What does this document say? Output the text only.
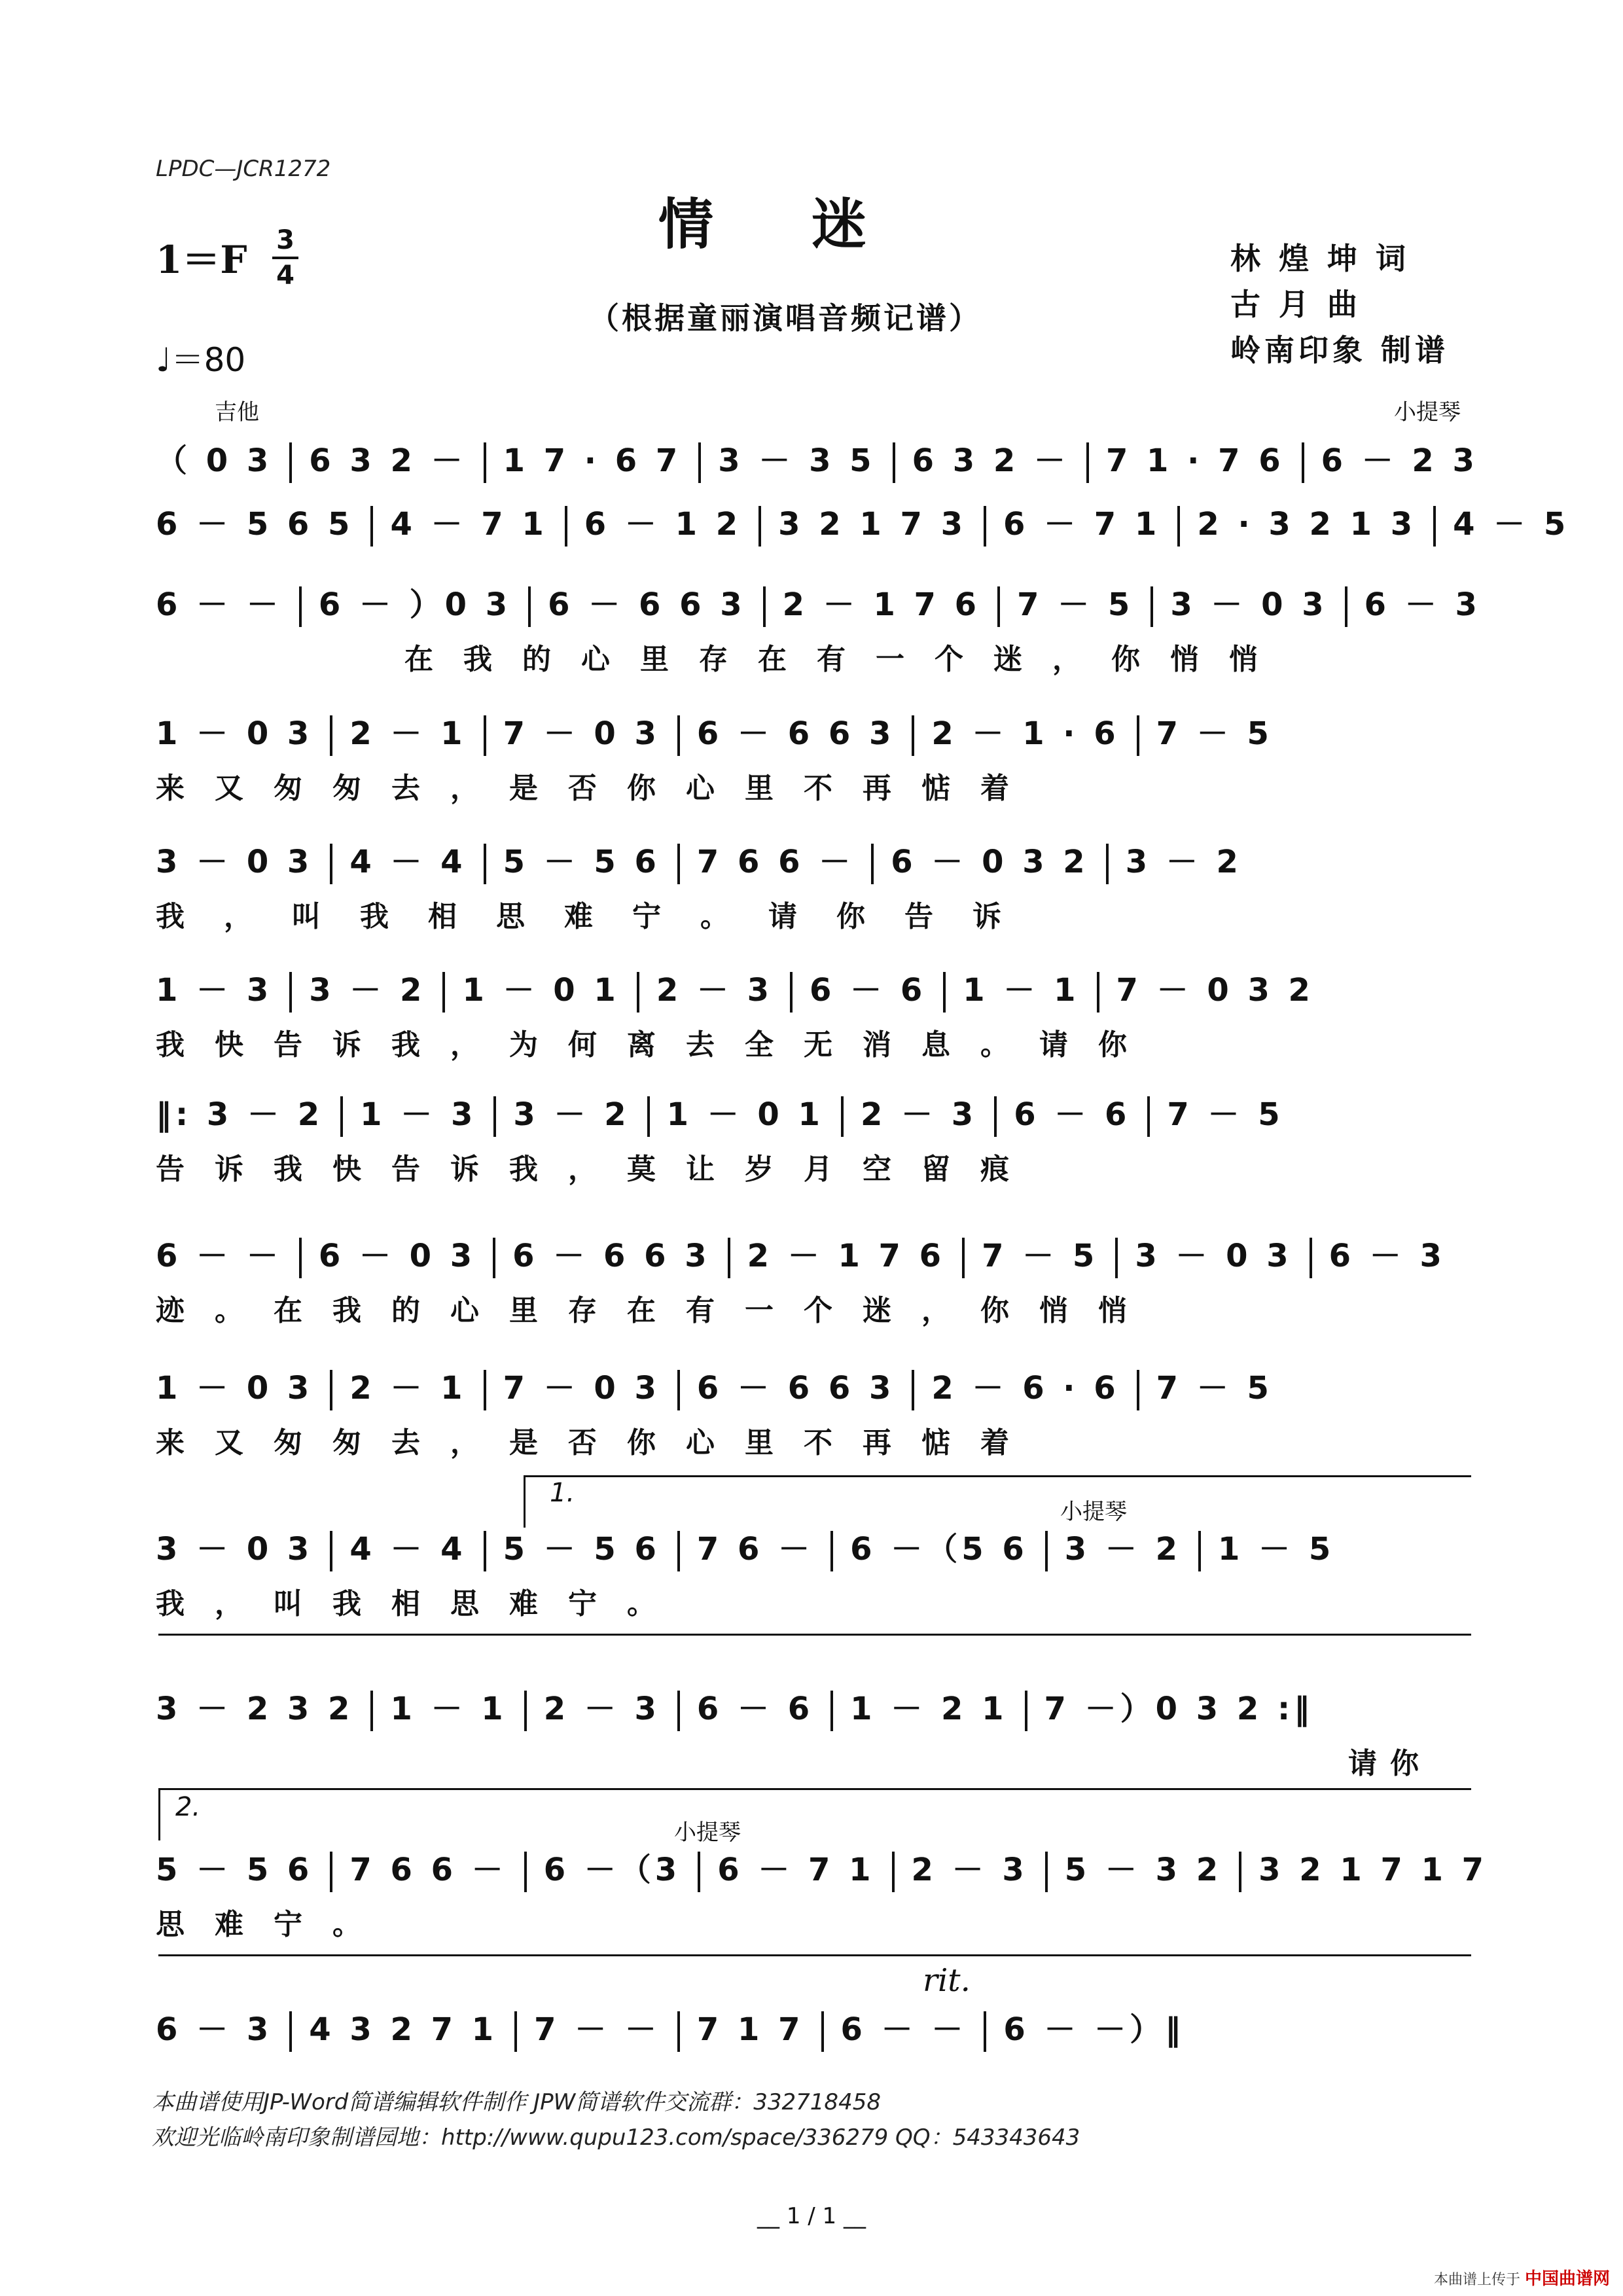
LPDC—JCR1272
情迷
1＝F 3
4
♩＝80
（根据童丽演唱音频记谱）
林 煌 坤 词
古 月 曲
岭南印象 制谱
吉他	小提琴
小提琴
小提琴
（ 0 3 6 3 2 － 1 7 · 6 7 3 － 3 5 6 3 2 － 7 1 · 7 6 6 － 2 3
6 － 5 6 5 4 － 7 1 6 － 1 2 3 2 1 7 3 6 － 7 1 2 · 3 2 1 3 4 － 5
6 － － 6 － ）0 3 6 － 6 6 3 2 － 1 7 6 7 － 5 3 － 0 3 6 － 3
在我的心里存在有一个迷，你悄悄
1 － 0 3 2 － 1 7 － 0 3 6 － 6 6 3 2 － 1 · 6 7 － 5
来又匆匆去，是否你心里不再惦着
3 － 0 3 4 － 4 5 － 5 6 7 6 6 － 6 － 0 3 2 3 － 2
我，叫我相思难宁。请你告诉
1 － 3 3 － 2 1 － 0 1 2 － 3 6 － 6 1 － 1 7 － 0 3 2
我快告诉我，为何离去全无消息。请你
‖: 3 － 2 1 － 3 3 － 2 1 － 0 1 2 － 3 6 － 6 7 － 5
告诉我快告诉我，莫让岁月空留痕
6 － － 6 － 0 3 6 － 6 6 3 2 － 1 7 6 7 － 5 3 － 0 3 6 － 3
迹。在我的心里存在有一个迷，你悄悄
1 － 0 3 2 － 1 7 － 0 3 6 － 6 6 3 2 － 6 · 6 7 － 5
来又匆匆去，是否你心里不再惦着
3 － 0 3 4 － 4 5 － 5 6 7 6 － 6 －（5 6 3 － 2 1 － 5
我，叫我相思难宁。
3 － 2 3 2 1 － 1 2 － 3 6 － 6 1 － 2 1 7 －）0 3 2 :‖
请你
5 － 5 6 7 6 6 － 6 －（3 6 － 7 1 2 － 3 5 － 3 2 3 2 1 7 1 7
思难宁。
6 － 3 4 3 2 7 1 7 － － 7 1 7 6 － － 6 － －）‖
1.
2.
rit.
本曲谱使用JP-Word简谱编辑软件制作 JPW简谱软件交流群：332718458
欢迎光临岭南印象制谱园地：http://www.qupu123.com/space/336279 QQ：543343643
__ 1 / 1 __
本曲谱上传于 中国曲谱网
